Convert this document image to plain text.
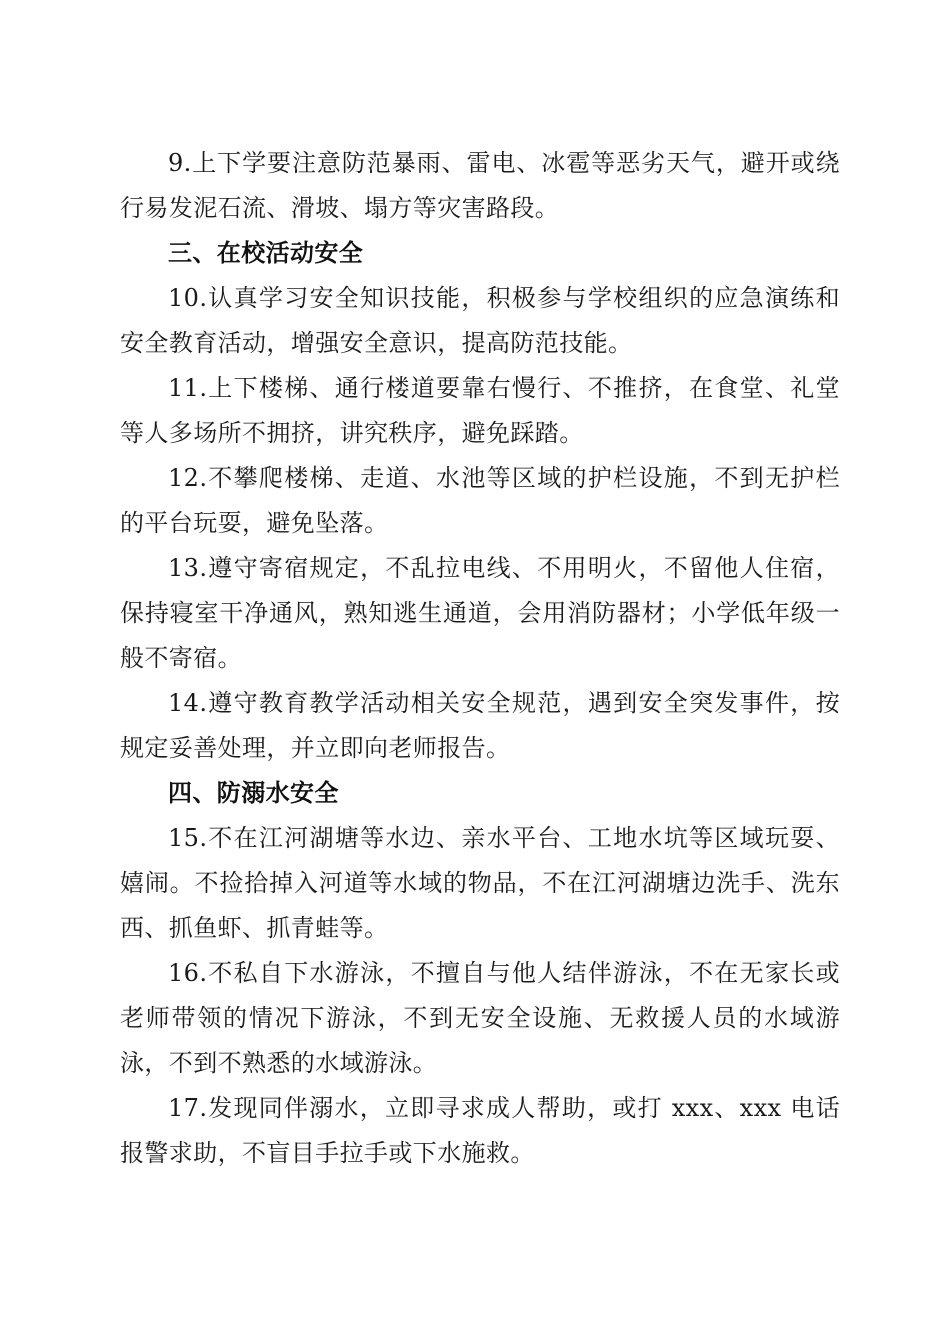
9.上下学要注意防范暴雨、雷电、冰雹等恶劣天气，避开或绕行易发泥石流、滑坡、塌方等灾害路段。

三、在校活动安全

10.认真学习安全知识技能，积极参与学校组织的应急演练和安全教育活动，增强安全意识，提高防范技能。

11.上下楼梯、通行楼道要靠右慢行、不推挤，在食堂、礼堂等人多场所不拥挤，讲究秩序，避免踩踏。

12.不攀爬楼梯、走道、水池等区域的护栏设施，不到无护栏的平台玩耍，避免坠落。

13.遵守寄宿规定，不乱拉电线、不用明火，不留他人住宿，保持寝室干净通风，熟知逃生通道，会用消防器材；小学低年级一般不寄宿。

14.遵守教育教学活动相关安全规范，遇到安全突发事件，按规定妥善处理，并立即向老师报告。

四、防溺水安全

15.不在江河湖塘等水边、亲水平台、工地水坑等区域玩耍、嬉闹。不捡拾掉入河道等水域的物品，不在江河湖塘边洗手、洗东西、抓鱼虾、抓青蛙等。

16.不私自下水游泳，不擅自与他人结伴游泳，不在无家长或老师带领的情况下游泳，不到无安全设施、无救援人员的水域游泳，不到不熟悉的水域游泳。

17.发现同伴溺水，立即寻求成人帮助，或打 xxx、xxx 电话报警求助，不盲目手拉手或下水施救。
